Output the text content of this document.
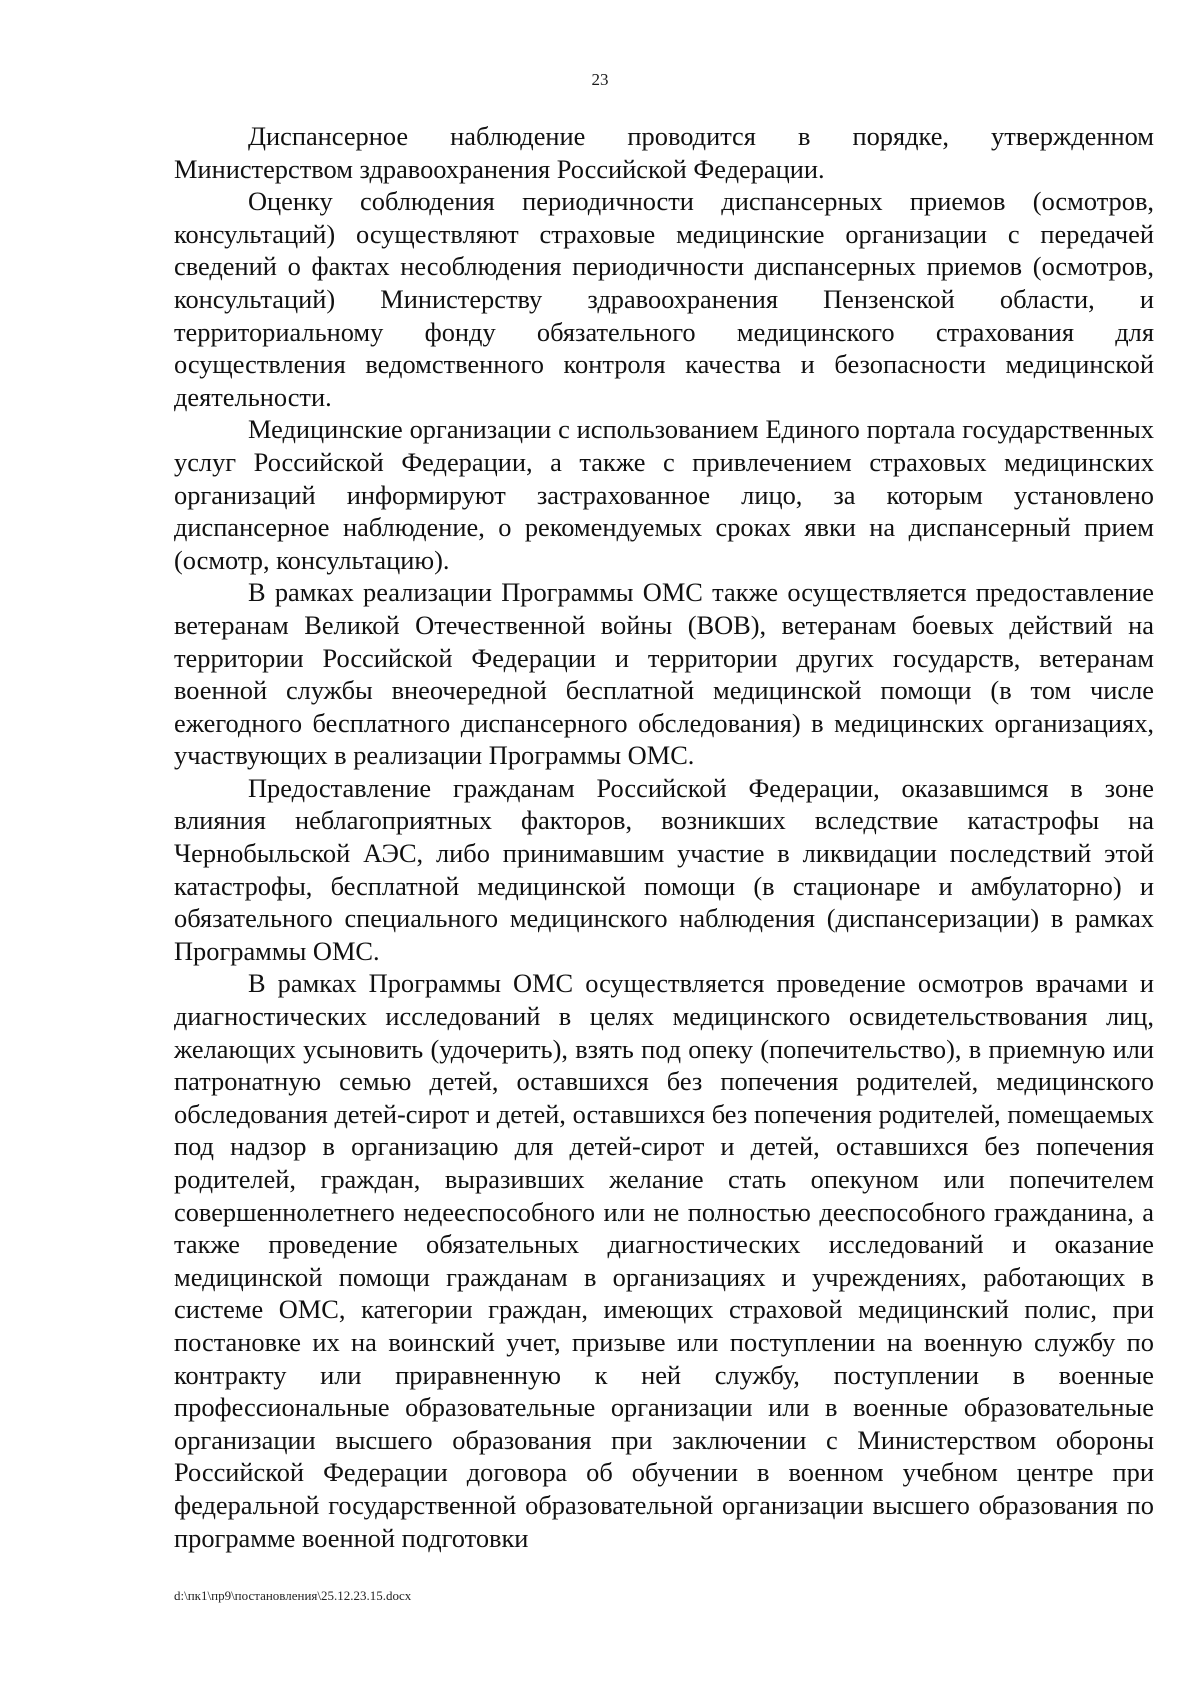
23

Диспансерное наблюдение проводится в порядке, утвержденном Министерством здравоохранения Российской Федерации.

Оценку соблюдения периодичности диспансерных приемов (осмотров, консультаций) осуществляют страховые медицинские организации с передачей сведений о фактах несоблюдения периодичности диспансерных приемов (осмотров, консультаций) Министерству здравоохранения Пензенской области, и территориальному фонду обязательного медицинского страхования для осуществления ведомственного контроля качества и безопасности медицинской деятельности.

Медицинские организации с использованием Единого портала государственных услуг Российской Федерации, а также с привлечением страховых медицинских организаций информируют застрахованное лицо, за которым установлено диспансерное наблюдение, о рекомендуемых сроках явки на диспансерный прием (осмотр, консультацию).

В рамках реализации Программы ОМС также осуществляется предоставление ветеранам Великой Отечественной войны (ВОВ), ветеранам боевых действий на территории Российской Федерации и территории других государств, ветеранам военной службы внеочередной бесплатной медицинской помощи (в том числе ежегодного бесплатного диспансерного обследования) в медицинских организациях, участвующих в реализации Программы ОМС.

Предоставление гражданам Российской Федерации, оказавшимся в зоне влияния неблагоприятных факторов, возникших вследствие катастрофы на Чернобыльской АЭС, либо принимавшим участие в ликвидации последствий этой катастрофы, бесплатной медицинской помощи (в стационаре и амбулаторно) и обязательного специального медицинского наблюдения (диспансеризации) в рамках Программы ОМС.

В рамках Программы ОМС осуществляется проведение осмотров врачами и диагностических исследований в целях медицинского освидетельствования лиц, желающих усыновить (удочерить), взять под опеку (попечительство), в приемную или патронатную семью детей, оставшихся без попечения родителей, медицинского обследования детей-сирот и детей, оставшихся без попечения родителей, помещаемых под надзор в организацию для детей-сирот и детей, оставшихся без попечения родителей, граждан, выразивших желание стать опекуном или попечителем совершеннолетнего недееспособного или не полностью дееспособного гражданина, а также проведение обязательных диагностических исследований и оказание медицинской помощи гражданам в организациях и учреждениях, работающих в системе ОМС, категории граждан, имеющих страховой медицинский полис, при постановке их на воинский учет, призыве или поступлении на военную службу по контракту или приравненную к ней службу, поступлении в военные профессиональные образовательные организации или в военные образовательные организации высшего образования при заключении с Министерством обороны Российской Федерации договора об обучении в военном учебном центре при федеральной государственной образовательной организации высшего образования по программе военной подготовки

d:\пк1\пр9\постановления\25.12.23.15.docx
